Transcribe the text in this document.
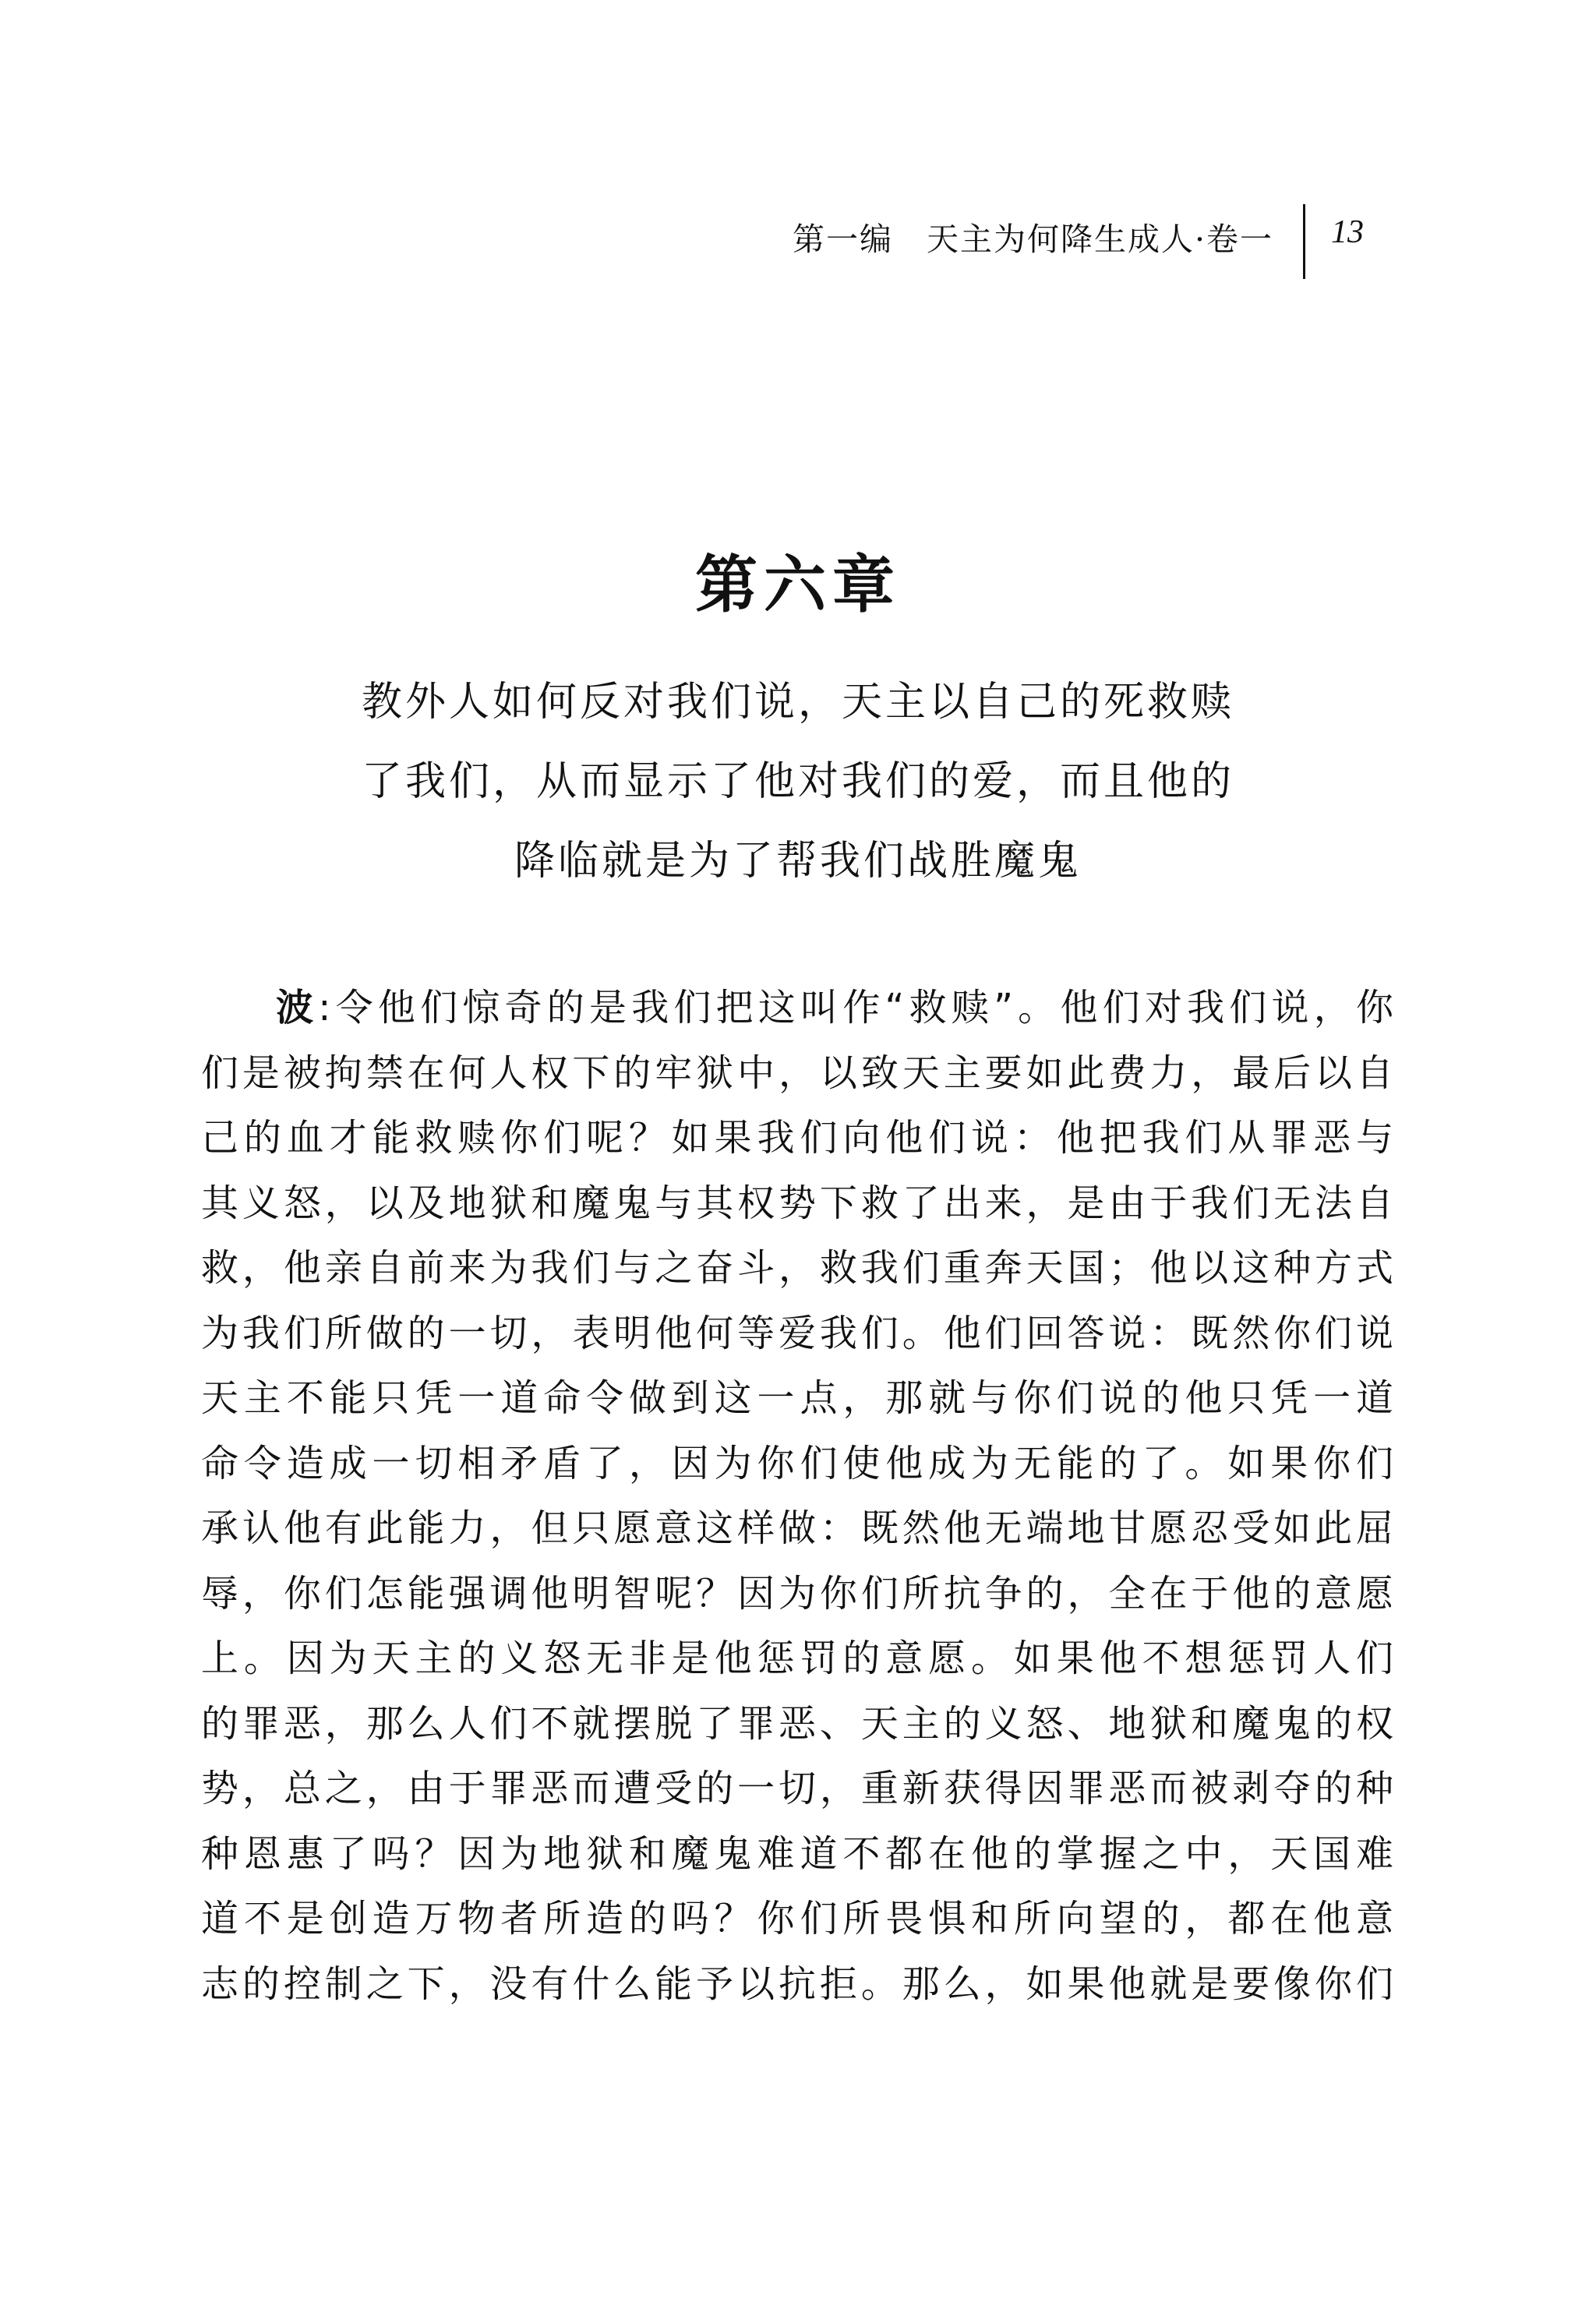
第一编　天主为何降生成人·卷一 13
第六章
教外人如何反对我们说，天主以自己的死救赎
了我们，从而显示了他对我们的爱，而且他的
降临就是为了帮我们战胜魔鬼
波:令他们惊奇的是我们把这叫作“救赎”。他们对我们说，你
们是被拘禁在何人权下的牢狱中，以致天主要如此费力，最后以自
己的血才能救赎你们呢？如果我们向他们说：他把我们从罪恶与
其义怒，以及地狱和魔鬼与其权势下救了出来，是由于我们无法自
救，他亲自前来为我们与之奋斗，救我们重奔天国；他以这种方式
为我们所做的一切，表明他何等爱我们。他们回答说：既然你们说
天主不能只凭一道命令做到这一点，那就与你们说的他只凭一道
命令造成一切相矛盾了，因为你们使他成为无能的了。如果你们
承认他有此能力，但只愿意这样做：既然他无端地甘愿忍受如此屈
辱，你们怎能强调他明智呢？因为你们所抗争的，全在于他的意愿
上。因为天主的义怒无非是他惩罚的意愿。如果他不想惩罚人们
的罪恶，那么人们不就摆脱了罪恶、天主的义怒、地狱和魔鬼的权
势，总之，由于罪恶而遭受的一切，重新获得因罪恶而被剥夺的种
种恩惠了吗？因为地狱和魔鬼难道不都在他的掌握之中，天国难
道不是创造万物者所造的吗？你们所畏惧和所向望的，都在他意
志的控制之下，没有什么能予以抗拒。那么，如果他就是要像你们
